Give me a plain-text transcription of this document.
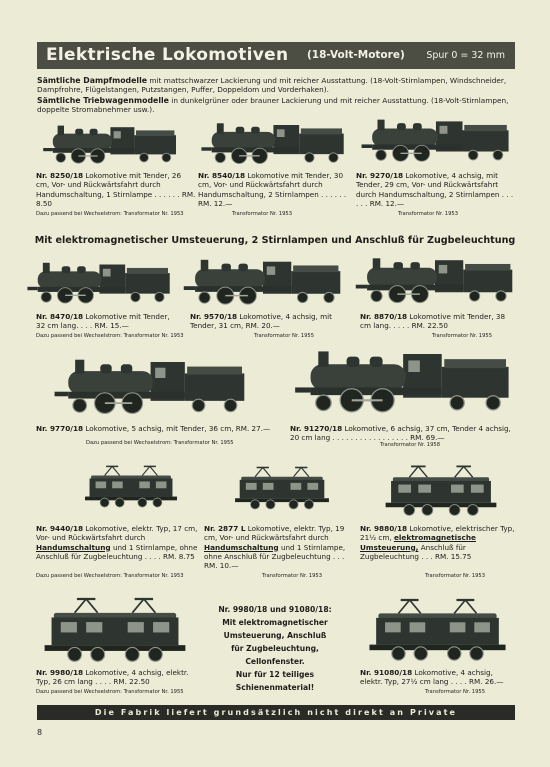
Elektrische Lokomotiven (18-Volt-Motore) Spur 0 = 32 mm
Sämtliche Dampfmodelle mit mattschwarzer Lackierung und mit reicher Ausstattung. (18-Volt-Stirnlampen, Windschneider, Dampfrohre, Flügelstangen, Putzstangen, Puffer, Doppeldom und Vorderhaken).
Sämtliche Triebwagenmodelle in dunkelgrüner oder brauner Lackierung und mit reicher Ausstattung. (18-Volt-Stirnlampen, doppelte Stromabnehmer usw.).
Nr. 8250/18 Lokomotive mit Tender, 26 cm, Vor- und Rückwärtsfahrt durch Handumschaltung, 1 Stirnlampe . . . . . . RM. 8.50
Dazu passend bei Wechselstrom: Transformator Nr. 1953
Nr. 8540/18 Lokomotive mit Tender, 30 cm, Vor- und Rückwärtsfahrt durch Handumschaltung, 2 Stirnlampen . . . . . . RM. 12.—
Transformator Nr. 1953
Nr. 9270/18 Lokomotive, 4 achsig, mit Tender, 29 cm, Vor- und Rückwärtsfahrt durch Handumschaltung, 2 Stirnlampen . . . . . . RM. 12.—
Transformator Nr. 1953
Mit elektromagnetischer Umsteuerung, 2 Stirnlampen und Anschluß für Zugbeleuchtung
Nr. 8470/18 Lokomotive mit Tender, 32 cm lang. . . . RM. 15.—
Dazu passend bei Wechselstrom: Transformator Nr. 1953
Nr. 9570/18 Lokomotive, 4 achsig, mit Tender, 31 cm, RM. 20.—
Transformator Nr. 1955
Nr. 8870/18 Lokomotive mit Tender, 38 cm lang. . . . . RM. 22.50
Transformator Nr. 1955
Nr. 9770/18 Lokomotive, 5 achsig, mit Tender, 36 cm, RM. 27.—
Dazu passend bei Wechselstrom: Transformator Nr. 1955
Nr. 91270/18 Lokomotive, 6 achsig, 37 cm, Tender 4 achsig, 20 cm lang . . . . . . . . . . . . . . . . . RM. 69.—
Transformator Nr. 1958
Nr. 9440/18 Lokomotive, elektr. Typ, 17 cm, Vor- und Rückwärtsfahrt durch Handumschaltung und 1 Stirnlampe, ohne Anschluß für Zugbeleuchtung . . . . RM. 8.75
Dazu passend bei Wechselstrom: Transformator Nr. 1953
Nr. 2877 L Lokomotive, elektr. Typ, 19 cm, Vor- und Rückwärtsfahrt durch Handumschaltung und 1 Stirnlampe, ohne Anschluß für Zugbeleuchtung . . . RM. 10.—
Transformator Nr. 1953
Nr. 9880/18 Lokomotive, elektrischer Typ, 21½ cm, elektromagnetische Umsteuerung, Anschluß für Zugbeleuchtung . . . RM. 15.75
Transformator Nr. 1953
Nr. 9980/18 und 91080/18:
Mit elektromagnetischer
Umsteuerung, Anschluß
für Zugbeleuchtung,
Cellonfenster.
Nur für 12 teiliges
Schienenmaterial!
Nr. 9980/18 Lokomotive, 4 achsig, elektr. Typ, 26 cm lang . . . . RM. 22.50
Dazu passend bei Wechselstrom: Transformator Nr. 1955
Nr. 91080/18 Lokomotive, 4 achsig, elektr. Typ, 27½ cm lang . . . . RM. 26.—
Transformator Nr. 1955
Die Fabrik liefert grundsätzlich nicht direkt an Private
8
